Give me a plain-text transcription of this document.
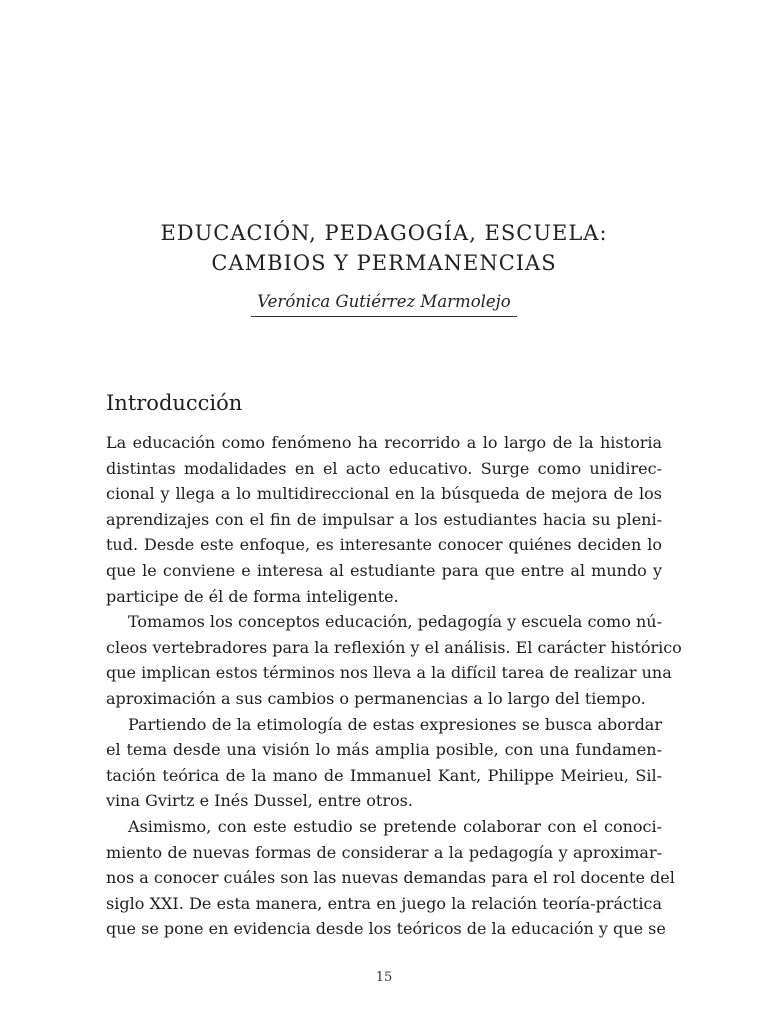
EDUCACIÓN, PEDAGOGÍA, ESCUELA:
CAMBIOS Y PERMANENCIAS
Verónica Gutiérrez Marmolejo
Introducción
La educación como fenómeno ha recorrido a lo largo de la historia
distintas modalidades en el acto educativo. Surge como unidirec-
cional y llega a lo multidireccional en la búsqueda de mejora de los
aprendizajes con el fin de impulsar a los estudiantes hacia su pleni-
tud. Desde este enfoque, es interesante conocer quiénes deciden lo
que le conviene e interesa al estudiante para que entre al mundo y
participe de él de forma inteligente.
Tomamos los conceptos educación, pedagogía y escuela como nú-
cleos vertebradores para la reflexión y el análisis. El carácter histórico
que implican estos términos nos lleva a la difícil tarea de realizar una
aproximación a sus cambios o permanencias a lo largo del tiempo.
Partiendo de la etimología de estas expresiones se busca abordar
el tema desde una visión lo más amplia posible, con una fundamen-
tación teórica de la mano de Immanuel Kant, Philippe Meirieu, Sil-
vina Gvirtz e Inés Dussel, entre otros.
Asimismo, con este estudio se pretende colaborar con el conoci-
miento de nuevas formas de considerar a la pedagogía y aproximar-
nos a conocer cuáles son las nuevas demandas para el rol docente del
siglo XXI. De esta manera, entra en juego la relación teoría-práctica
que se pone en evidencia desde los teóricos de la educación y que se
15
